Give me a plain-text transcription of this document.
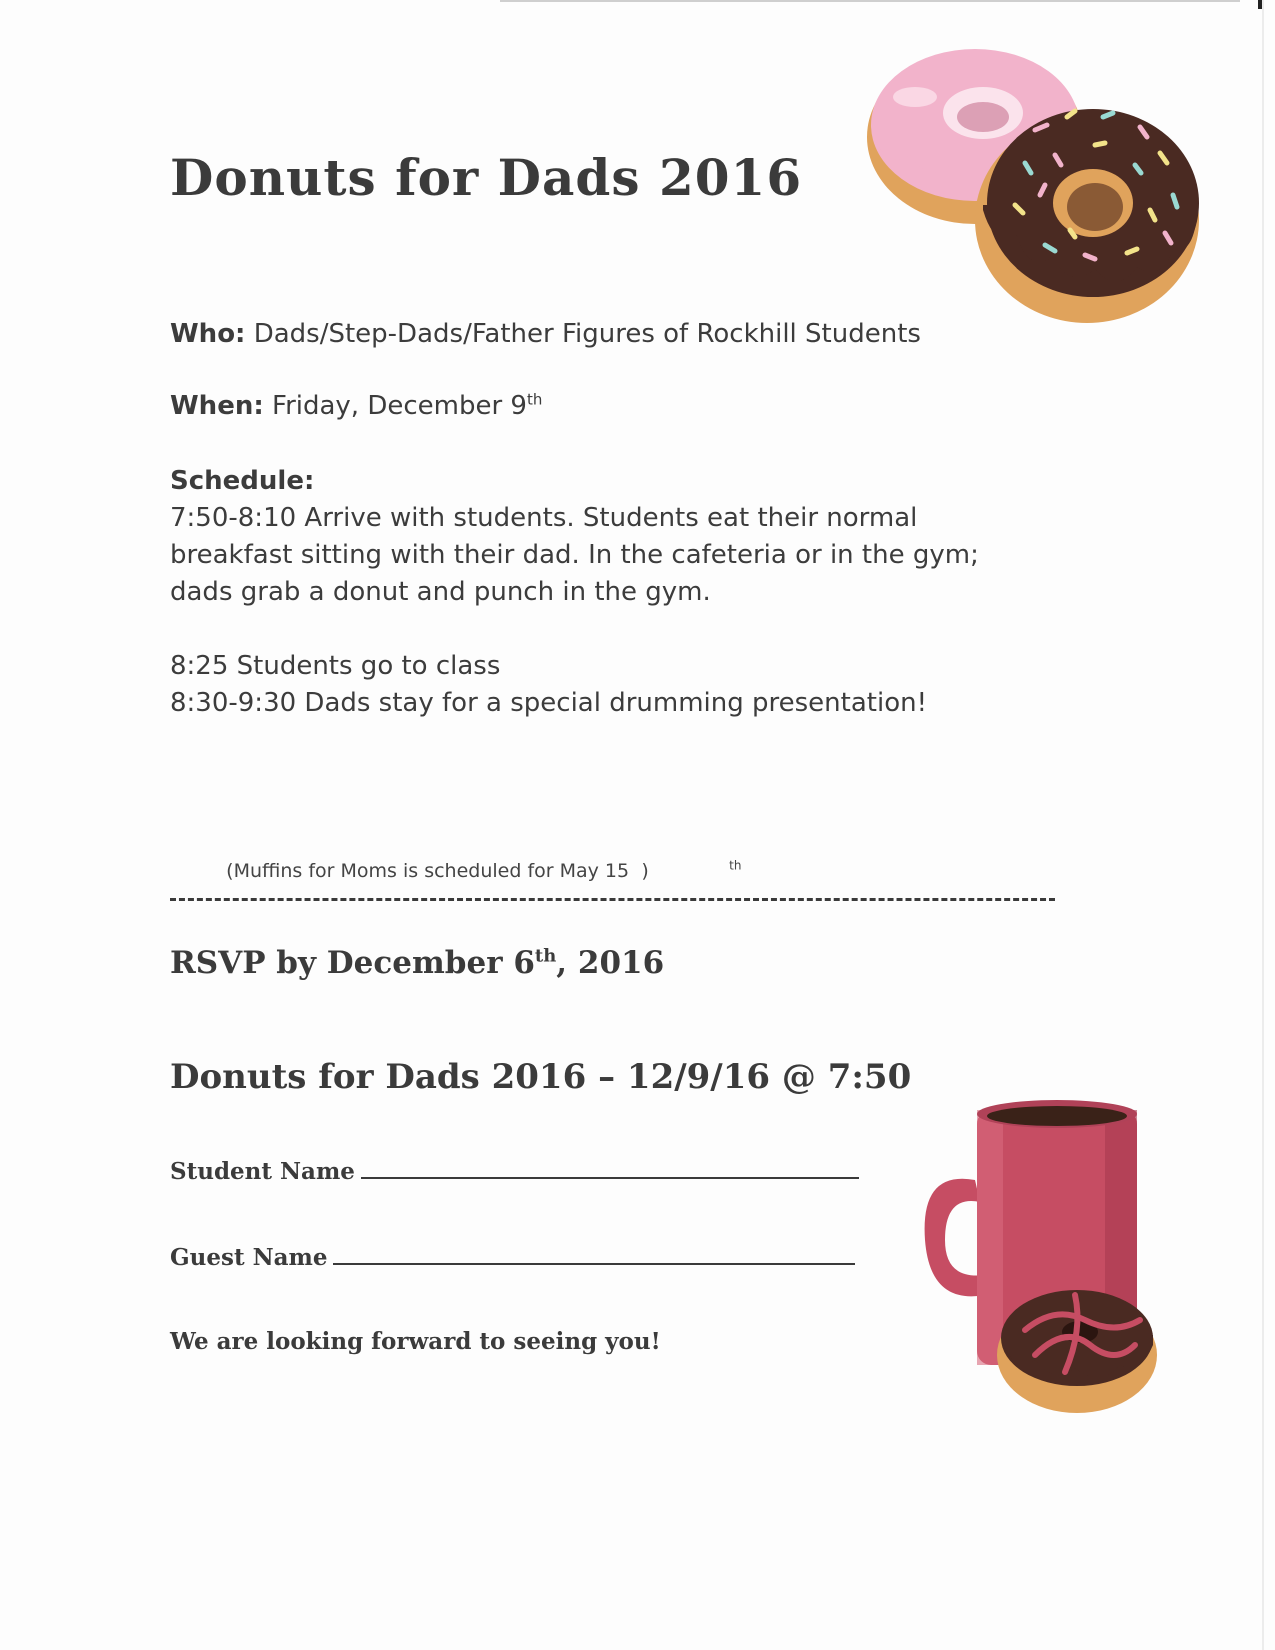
Donuts for Dads 2016

Who: Dads/Step-Dads/Father Figures of Rockhill Students

When: Friday, December 9th

Schedule:

7:50-8:10 Arrive with students. Students eat their normal

breakfast sitting with their dad. In the cafeteria or in the gym;

dads grab a donut and punch in the gym.

8:25 Students go to class

8:30-9:30 Dads stay for a special drumming presentation!

(Muffins for Moms is scheduled for May 15	$^{th}$)

RSVP by December 6th, 2016

Donuts for Dads 2016 – 12/9/16 @ 7:50

Student Name
Guest Name

We are looking forward to seeing you!
